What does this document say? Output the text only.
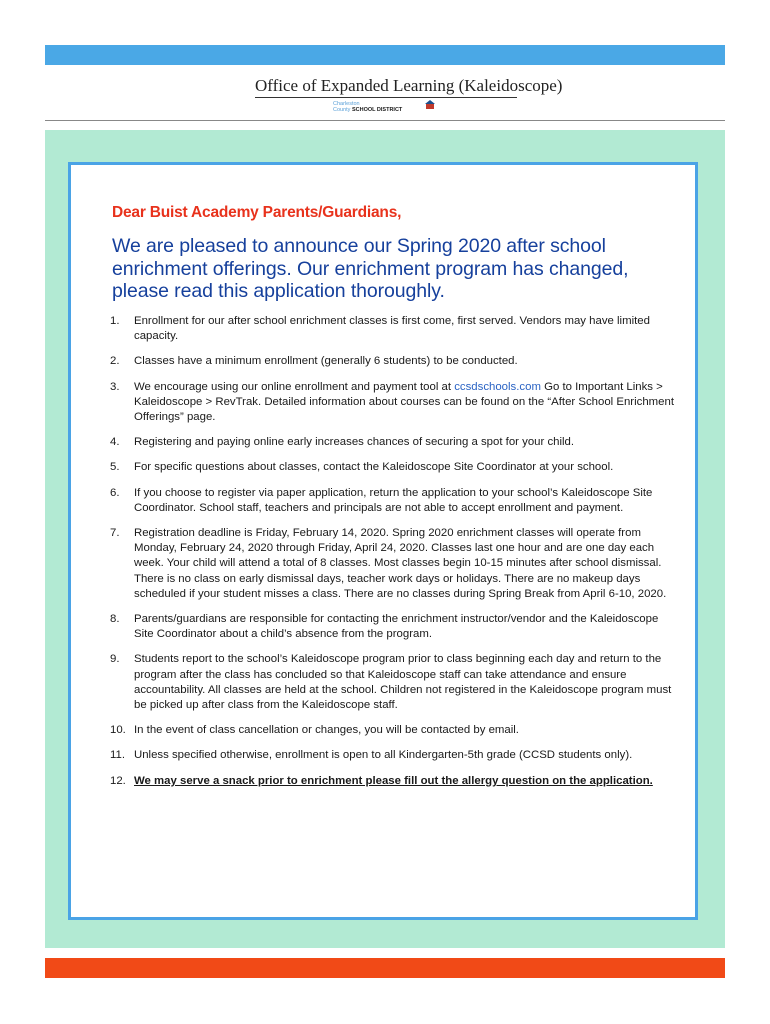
Office of Expanded Learning (Kaleidoscope)
Charleston
County SCHOOL DISTRICT
Dear Buist Academy Parents/Guardians,
We are pleased to announce our Spring 2020 after school enrichment offerings. Our enrichment program has changed, please read this application thoroughly.
1. Enrollment for our after school enrichment classes is first come, first served. Vendors may have limited capacity.
2. Classes have a minimum enrollment (generally 6 students) to be conducted.
3. We encourage using our online enrollment and payment tool at ccsdschools.com Go to Important Links > Kaleidoscope > RevTrak. Detailed information about courses can be found on the “After School Enrichment Offerings” page.
4. Registering and paying online early increases chances of securing a spot for your child.
5. For specific questions about classes, contact the Kaleidoscope Site Coordinator at your school.
6. If you choose to register via paper application, return the application to your school’s Kaleidoscope Site Coordinator. School staff, teachers and principals are not able to accept enrollment and payment.
7. Registration deadline is Friday, February 14, 2020. Spring 2020 enrichment classes will operate from Monday, February 24, 2020 through Friday, April 24, 2020. Classes last one hour and are one day each week. Your child will attend a total of 8 classes. Most classes begin 10-15 minutes after school dismissal. There is no class on early dismissal days, teacher work days or holidays. There are no makeup days scheduled if your student misses a class. There are no classes during Spring Break from April 6-10, 2020.
8. Parents/guardians are responsible for contacting the enrichment instructor/vendor and the Kaleidoscope Site Coordinator about a child’s absence from the program.
9. Students report to the school’s Kaleidoscope program prior to class beginning each day and return to the program after the class has concluded so that Kaleidoscope staff can take attendance and ensure accountability. All classes are held at the school. Children not registered in the Kaleidoscope program must be picked up after class from the Kaleidoscope staff.
10. In the event of class cancellation or changes, you will be contacted by email.
11. Unless specified otherwise, enrollment is open to all Kindergarten-5th grade (CCSD students only).
12. We may serve a snack prior to enrichment please fill out the allergy question on the application.
